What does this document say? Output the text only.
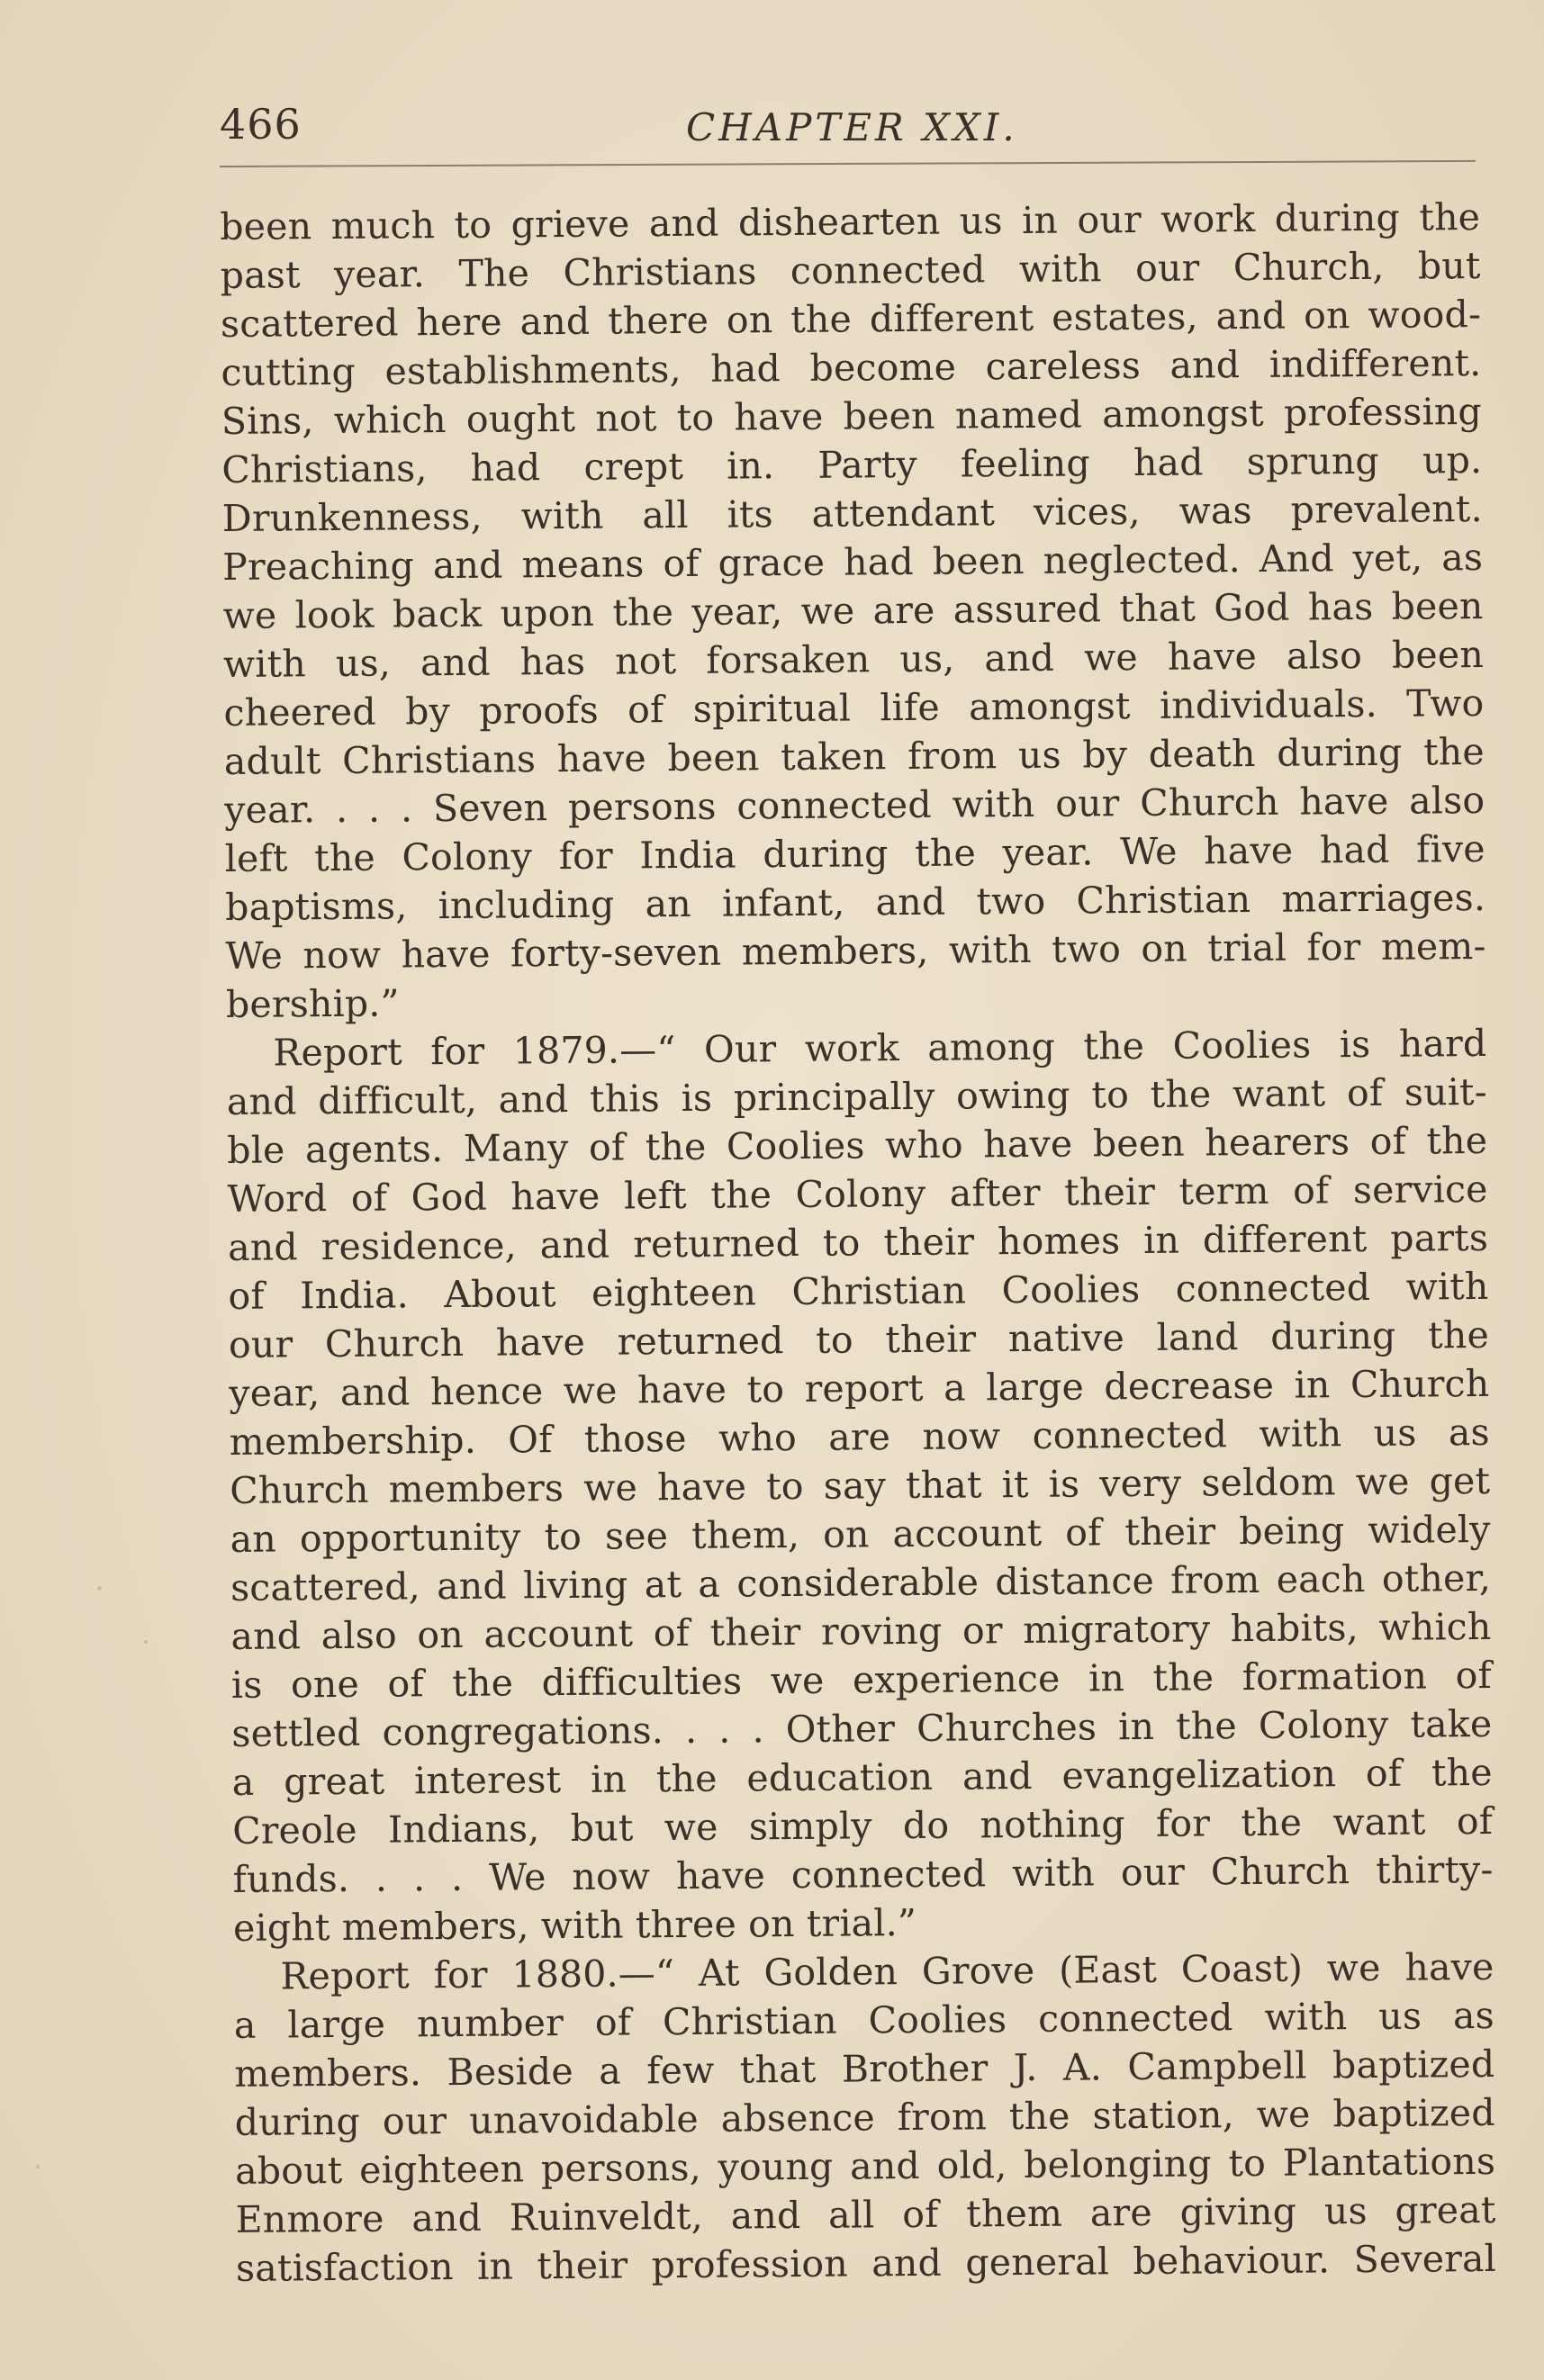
466	CHAPTER XXI.
been much to grieve and dishearten us in our work during the
past year. The Christians connected with our Church, but
scattered here and there on the different estates, and on wood-
cutting establishments, had become careless and indifferent.
Sins, which ought not to have been named amongst professing
Christians, had crept in. Party feeling had sprung up.
Drunkenness, with all its attendant vices, was prevalent.
Preaching and means of grace had been neglected. And yet, as
we look back upon the year, we are assured that God has been
with us, and has not forsaken us, and we have also been
cheered by proofs of spiritual life amongst individuals. Two
adult Christians have been taken from us by death during the
year. . . . Seven persons connected with our Church have also
left the Colony for India during the year. We have had five
baptisms, including an infant, and two Christian marriages.
We now have forty-seven members, with two on trial for mem-
bership.”
Report for 1879.—“ Our work among the Coolies is hard
and difficult, and this is principally owing to the want of suit-
ble agents. Many of the Coolies who have been hearers of the
Word of God have left the Colony after their term of service
and residence, and returned to their homes in different parts
of India. About eighteen Christian Coolies connected with
our Church have returned to their native land during the
year, and hence we have to report a large decrease in Church
membership. Of those who are now connected with us as
Church members we have to say that it is very seldom we get
an opportunity to see them, on account of their being widely
scattered, and living at a considerable distance from each other,
and also on account of their roving or migratory habits, which
is one of the difficulties we experience in the formation of
settled congregations. . . . Other Churches in the Colony take
a great interest in the education and evangelization of the
Creole Indians, but we simply do nothing for the want of
funds. . . . We now have connected with our Church thirty-
eight members, with three on trial.”
Report for 1880.—“ At Golden Grove (East Coast) we have
a large number of Christian Coolies connected with us as
members. Beside a few that Brother J. A. Campbell baptized
during our unavoidable absence from the station, we baptized
about eighteen persons, young and old, belonging to Plantations
Enmore and Ruinveldt, and all of them are giving us great
satisfaction in their profession and general behaviour. Several
